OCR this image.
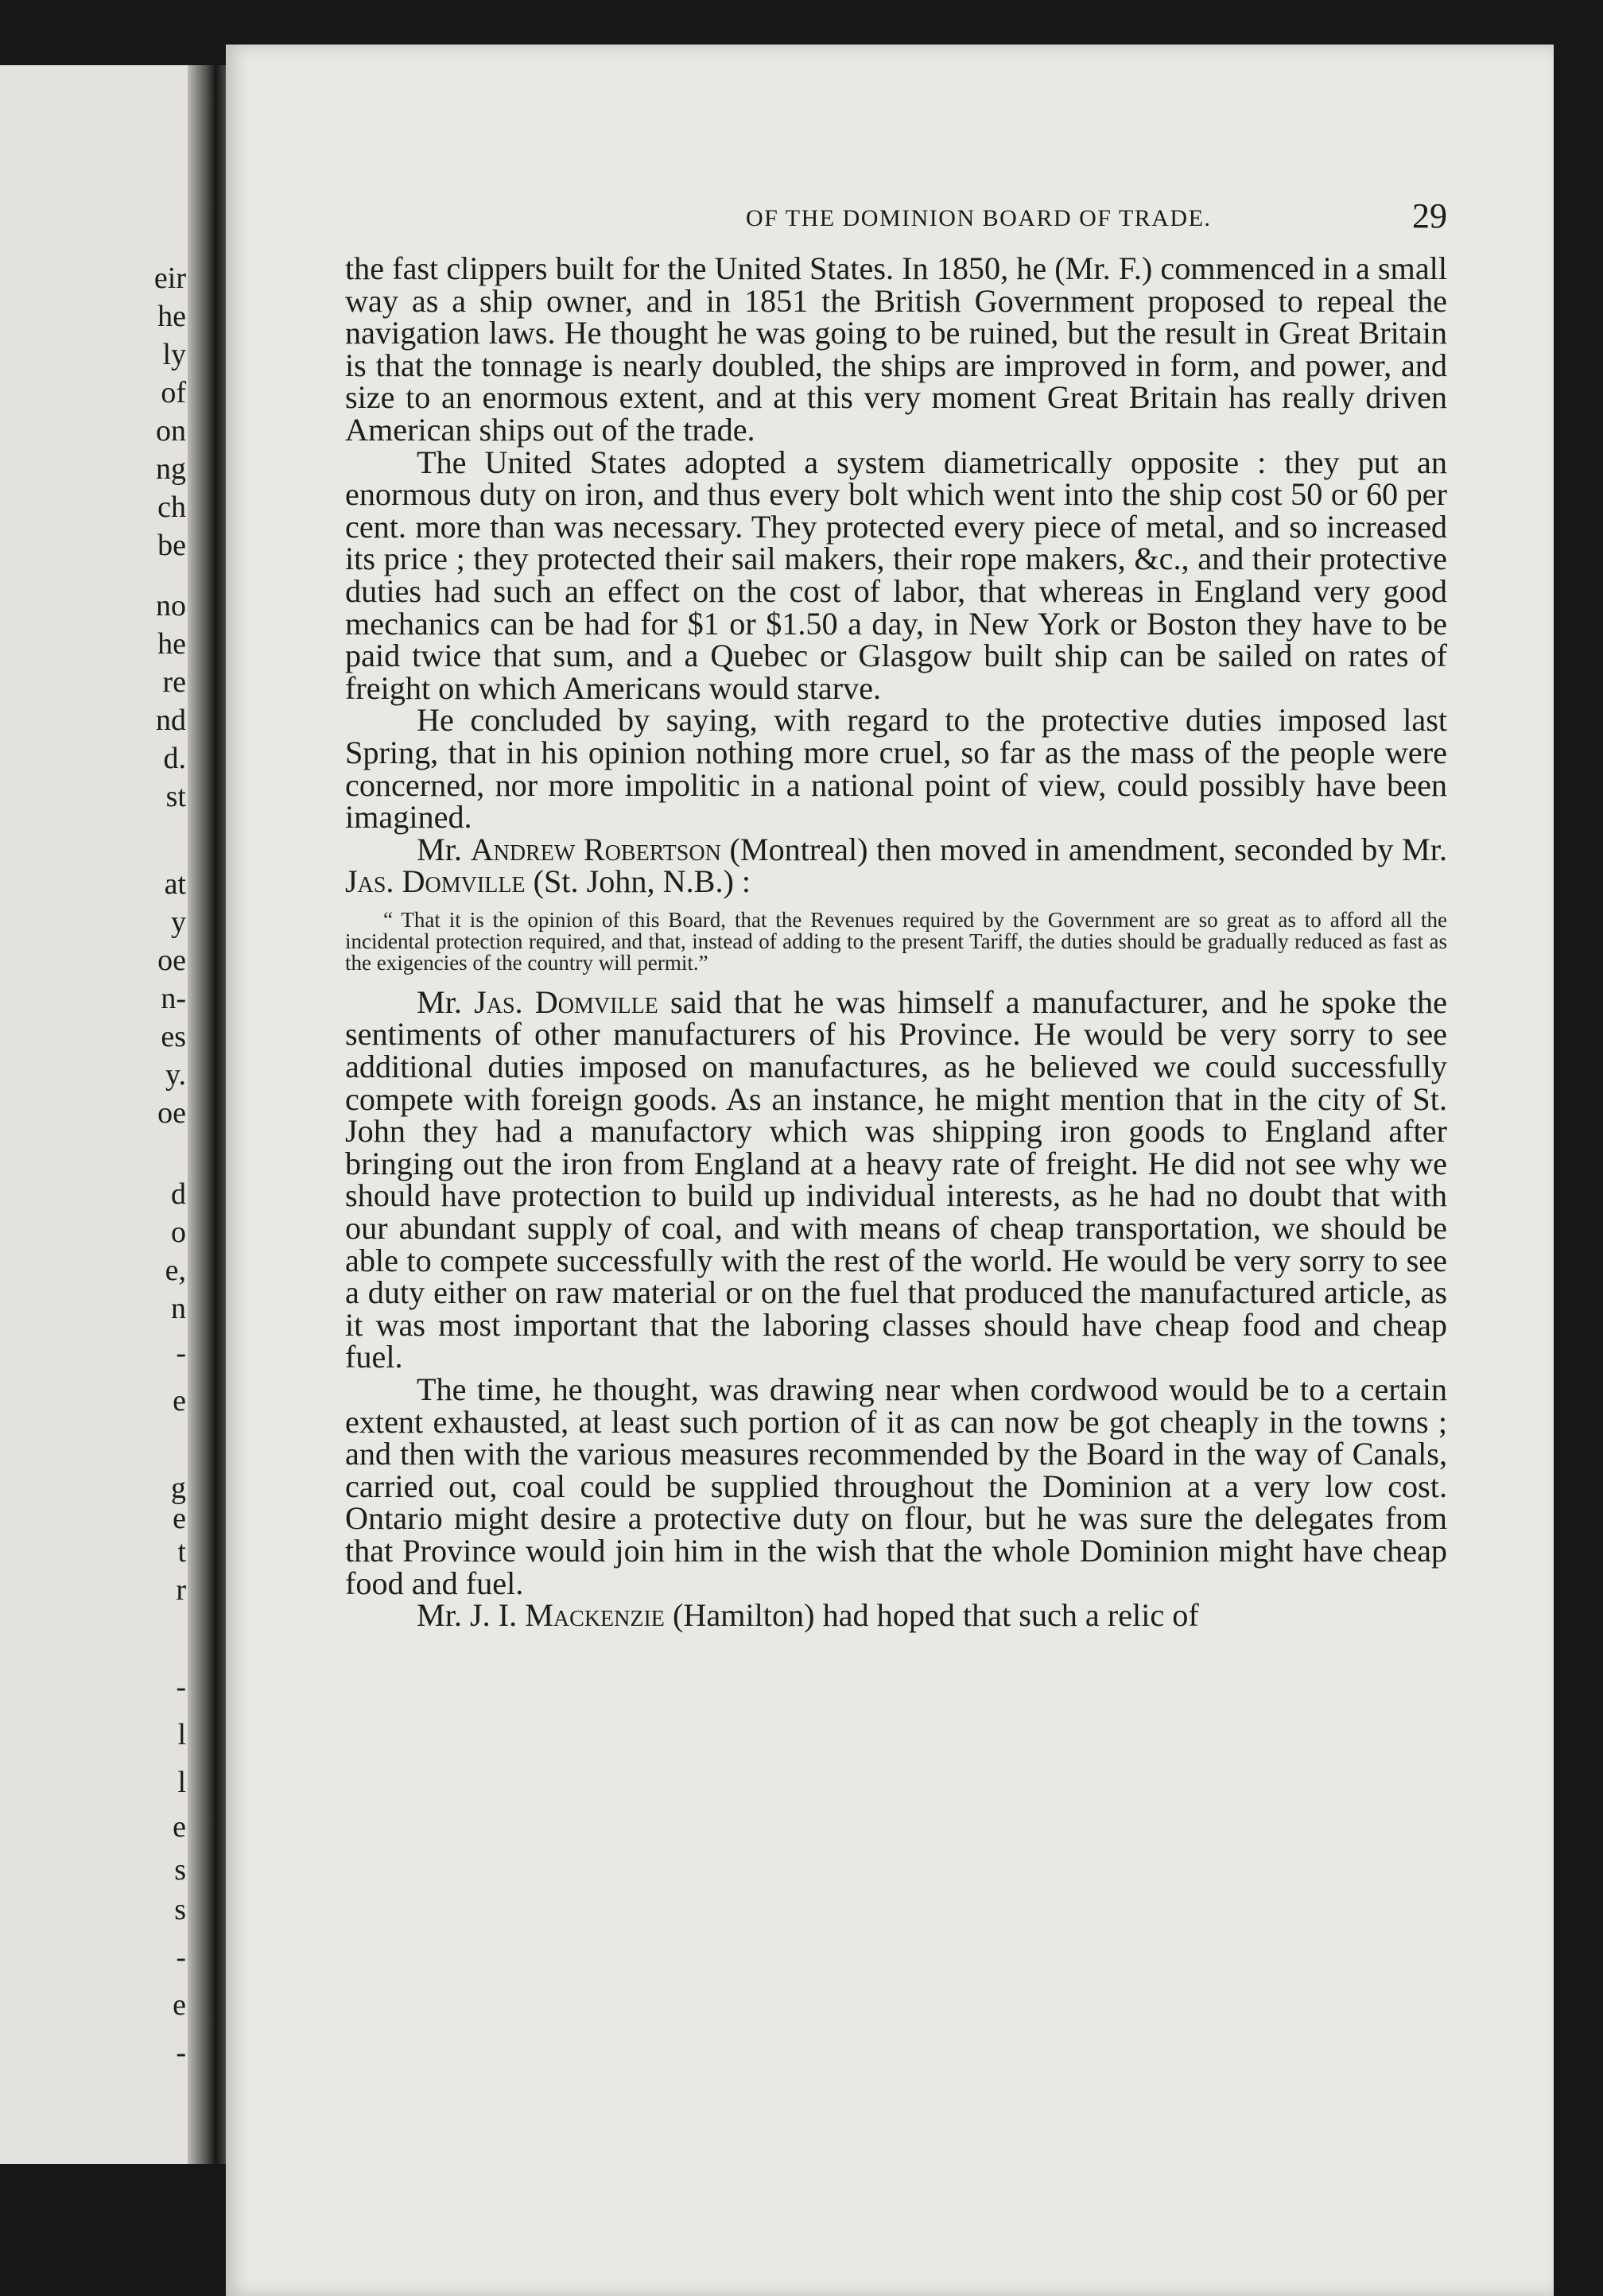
eir

he

ly

of

on

ng

ch

be

no

he

re

nd

d.

st

at

y

oe

n-

es

y.

oe

d

o

e,

n

-

e

g

e

t

r

-

l

l

e

s

s

-

e

-

OF THE DOMINION BOARD OF TRADE.	29

the fast clippers built for the United States. In 1850, he (Mr. F.) commenced in a small way as a ship owner, and in 1851 the British Government proposed to repeal the navigation laws. He thought he was going to be ruined, but the result in Great Britain is that the tonnage is nearly doubled, the ships are improved in form, and power, and size to an enormous extent, and at this very moment Great Britain has really driven American ships out of the trade.

The United States adopted a system diametrically opposite : they put an enormous duty on iron, and thus every bolt which went into the ship cost 50 or 60 per cent. more than was necessary. They protected every piece of metal, and so increased its price ; they protected their sail makers, their rope makers, &c., and their protective duties had such an effect on the cost of labor, that whereas in England very good mechanics can be had for $1 or $1.50 a day, in New York or Boston they have to be paid twice that sum, and a Quebec or Glasgow built ship can be sailed on rates of freight on which Americans would starve.

He concluded by saying, with regard to the protective duties imposed last Spring, that in his opinion nothing more cruel, so far as the mass of the people were concerned, nor more impolitic in a national point of view, could possibly have been imagined.

Mr. Andrew Robertson (Montreal) then moved in amendment, seconded by Mr. Jas. Domville (St. John, N.B.) :

“ That it is the opinion of this Board, that the Revenues required by the Government are so great as to afford all the incidental protection required, and that, instead of adding to the present Tariff, the duties should be gradually reduced as fast as the exigencies of the country will permit.”

Mr. Jas. Domville said that he was himself a manufacturer, and he spoke the sentiments of other manufacturers of his Province. He would be very sorry to see additional duties imposed on manufactures, as he believed we could successfully compete with foreign goods. As an instance, he might mention that in the city of St. John they had a manufactory which was shipping iron goods to England after bringing out the iron from England at a heavy rate of freight. He did not see why we should have protection to build up individual interests, as he had no doubt that with our abundant supply of coal, and with means of cheap transportation, we should be able to compete successfully with the rest of the world. He would be very sorry to see a duty either on raw material or on the fuel that produced the manufactured article, as it was most important that the laboring classes should have cheap food and cheap fuel.

The time, he thought, was drawing near when cordwood would be to a certain extent exhausted, at least such portion of it as can now be got cheaply in the towns ; and then with the various measures recommended by the Board in the way of Canals, carried out, coal could be supplied throughout the Dominion at a very low cost. Ontario might desire a protective duty on flour, but he was sure the delegates from that Province would join him in the wish that the whole Dominion might have cheap food and fuel.

Mr. J. I. Mackenzie (Hamilton) had hoped that such a relic of
